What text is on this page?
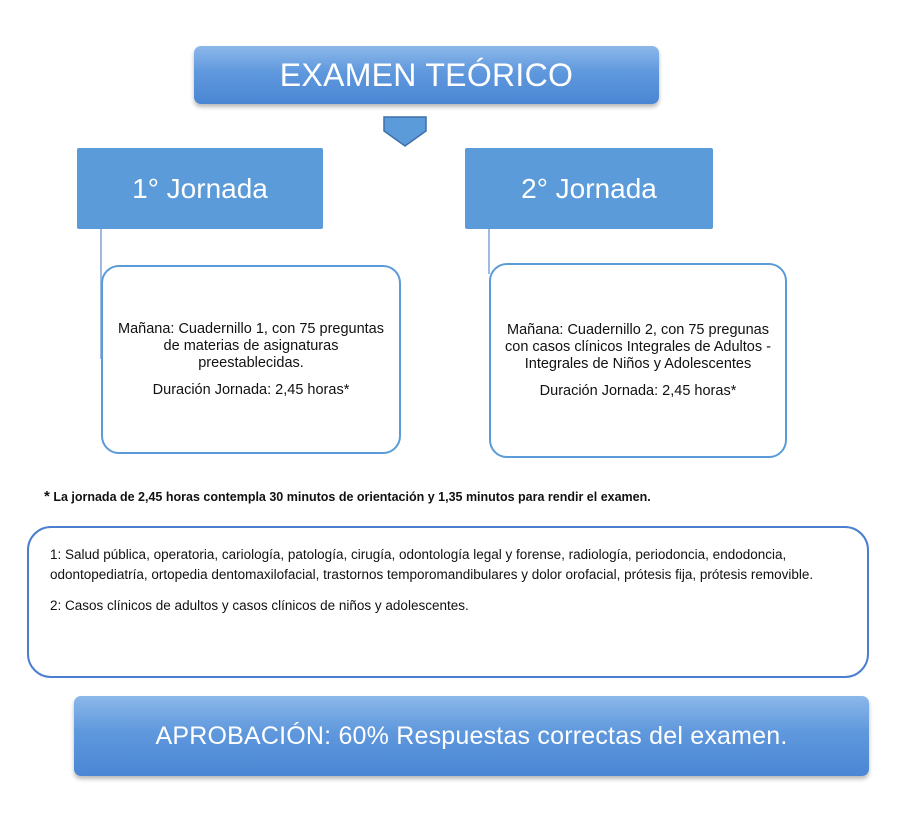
EXAMEN TEÓRICO
1° Jornada	2° Jornada

Mañana: Cuadernillo 1, con 75 preguntas de materias de asignaturas preestablecidas.

Duración Jornada: 2,45 horas*

Mañana: Cuadernillo 2, con 75 pregunas con casos clínicos Integrales de Adultos - Integrales de Niños y Adolescentes

Duración Jornada: 2,45 horas*

* La jornada de 2,45 horas contempla 30 minutos de orientación y 1,35 minutos para rendir el examen.

1: Salud pública, operatoria, cariología, patología, cirugía, odontología legal y forense, radiología, periodoncia, endodoncia, odontopediatría, ortopedia dentomaxilofacial, trastornos temporomandibulares y dolor orofacial, prótesis fija, prótesis removible.

2: Casos clínicos de adultos y casos clínicos de niños y adolescentes.

APROBACIÓN: 60% Respuestas correctas del examen.
